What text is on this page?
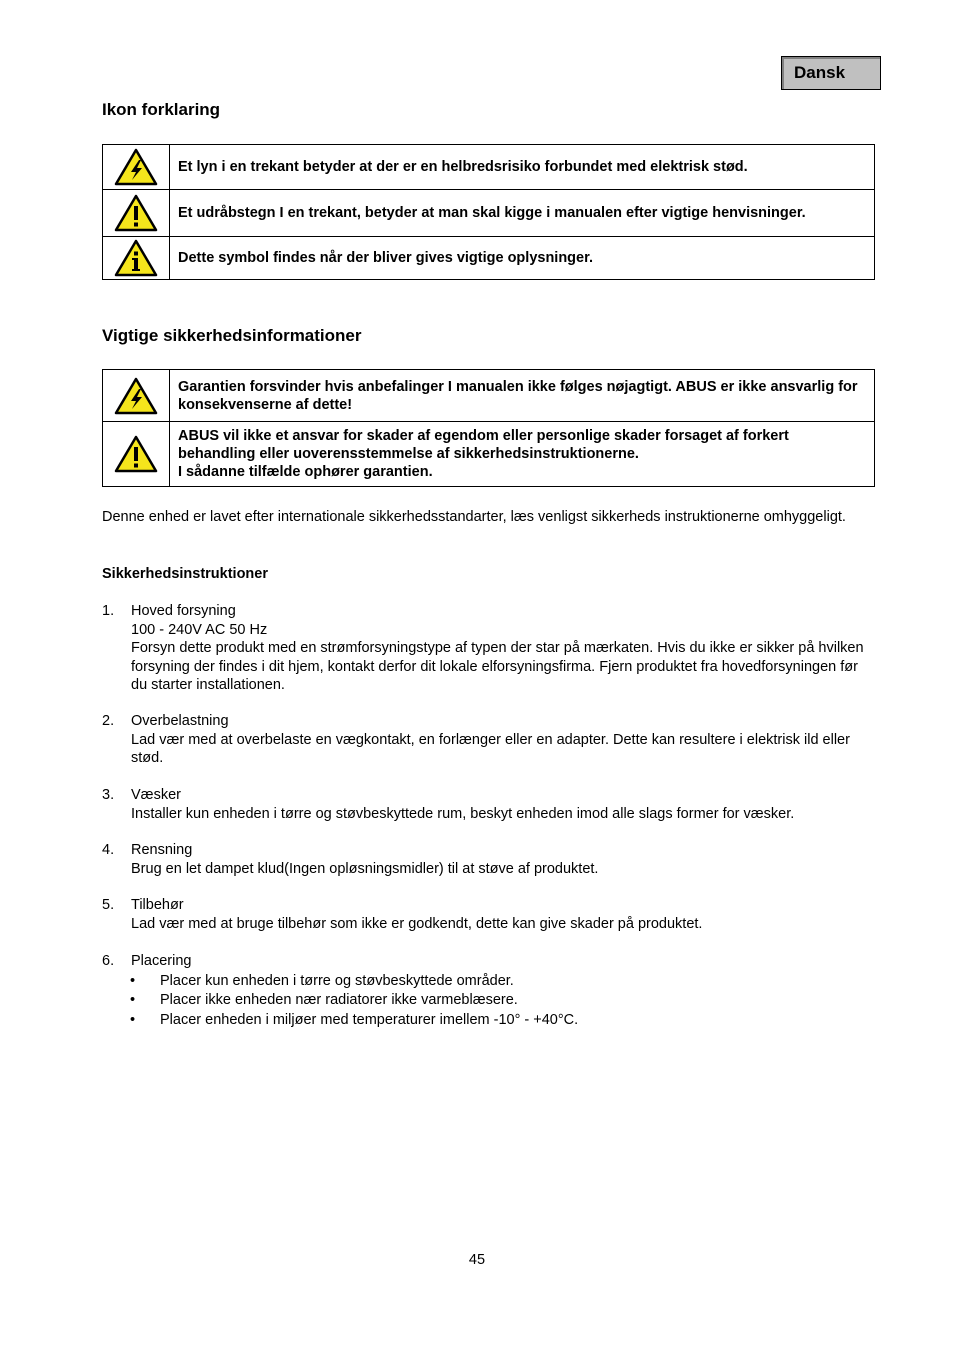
Dansk
Ikon forklaring
	Et lyn i en trekant betyder at der er en helbredsrisiko forbundet med elektrisk stød.

	Et udråbstegn I en trekant, betyder at man skal kigge i manualen efter vigtige henvisninger.

	Dette symbol findes når der bliver gives vigtige oplysninger.
Vigtige sikkerhedsinformationer
	Garantien forsvinder hvis anbefalinger I manualen ikke følges nøjagtigt. ABUS er ikke ansvarlig for konsekvenserne af dette!

ABUS vil ikke et ansvar for skader af egendom eller personlige skader forsaget af forkert behandling eller uoverensstemmelse af sikkerhedsinstruktionerne.
I sådanne tilfælde ophører garantien.
Denne enhed er lavet efter internationale sikkerhedsstandarter, læs venligst sikkerheds instruktionerne omhyggeligt.
Sikkerhedsinstruktioner
1. Hoved forsyning
100 - 240V AC 50 Hz
Forsyn dette produkt med en strømforsyningstype af typen der star på mærkaten. Hvis du ikke er sikker på hvilken forsyning der findes i dit hjem, kontakt derfor dit lokale elforsyningsfirma. Fjern produktet fra hovedforsyningen før du starter installationen.
2. Overbelastning
Lad vær med at overbelaste en vægkontakt, en forlænger eller en adapter. Dette kan resultere i elektrisk ild eller stød.
3. Væsker
Installer kun enheden i tørre og støvbeskyttede rum, beskyt enheden imod alle slags former for væsker.
4. Rensning
Brug en let dampet klud(Ingen opløsningsmidler) til at støve af produktet.
5. Tilbehør
Lad vær med at bruge tilbehør som ikke er godkendt, dette kan give skader på produktet.
6. Placering
• Placer kun enheden i tørre og støvbeskyttede områder.
• Placer ikke enheden nær radiatorer ikke varmeblæsere.
• Placer enheden i miljøer med temperaturer imellem -10° - +40°C.
45
